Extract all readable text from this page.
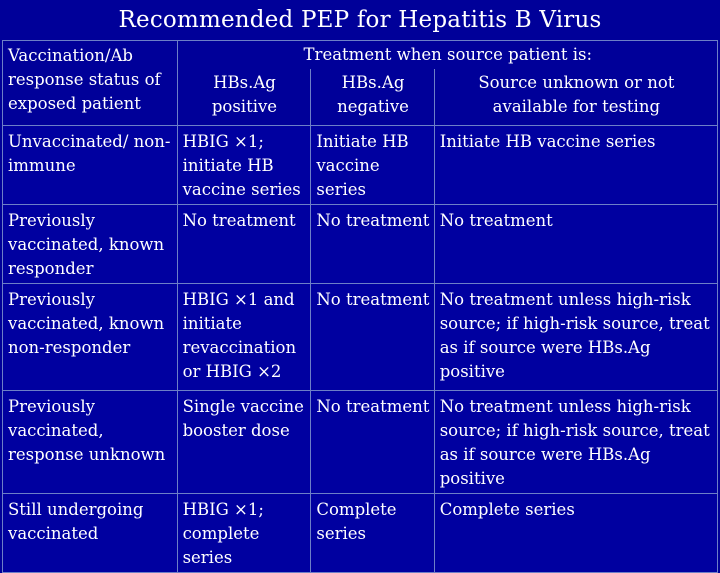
Recommended PEP for Hepatitis B Virus
Vaccination/Ab response status of exposed patient	Treatment when source patient is:		
	HBs.Ag positive	HBs.Ag negative	Source unknown or not available for testing
Unvaccinated/ non-immune	HBIG ×1; initiate HB vaccine series	Initiate HB vaccine series	Initiate HB vaccine series
Previously vaccinated, known responder	No treatment	No treatment	No treatment
Previously vaccinated, known non-responder	HBIG ×1 and initiate revaccination or HBIG ×2	No treatment	No treatment unless high-risk source; if high-risk source, treat as if source were HBs.Ag positive
Previously vaccinated, response unknown	Single vaccine booster dose	No treatment	No treatment unless high-risk source; if high-risk source, treat as if source were HBs.Ag positive
Still undergoing vaccinated	HBIG ×1; complete series	Complete series	Complete series
